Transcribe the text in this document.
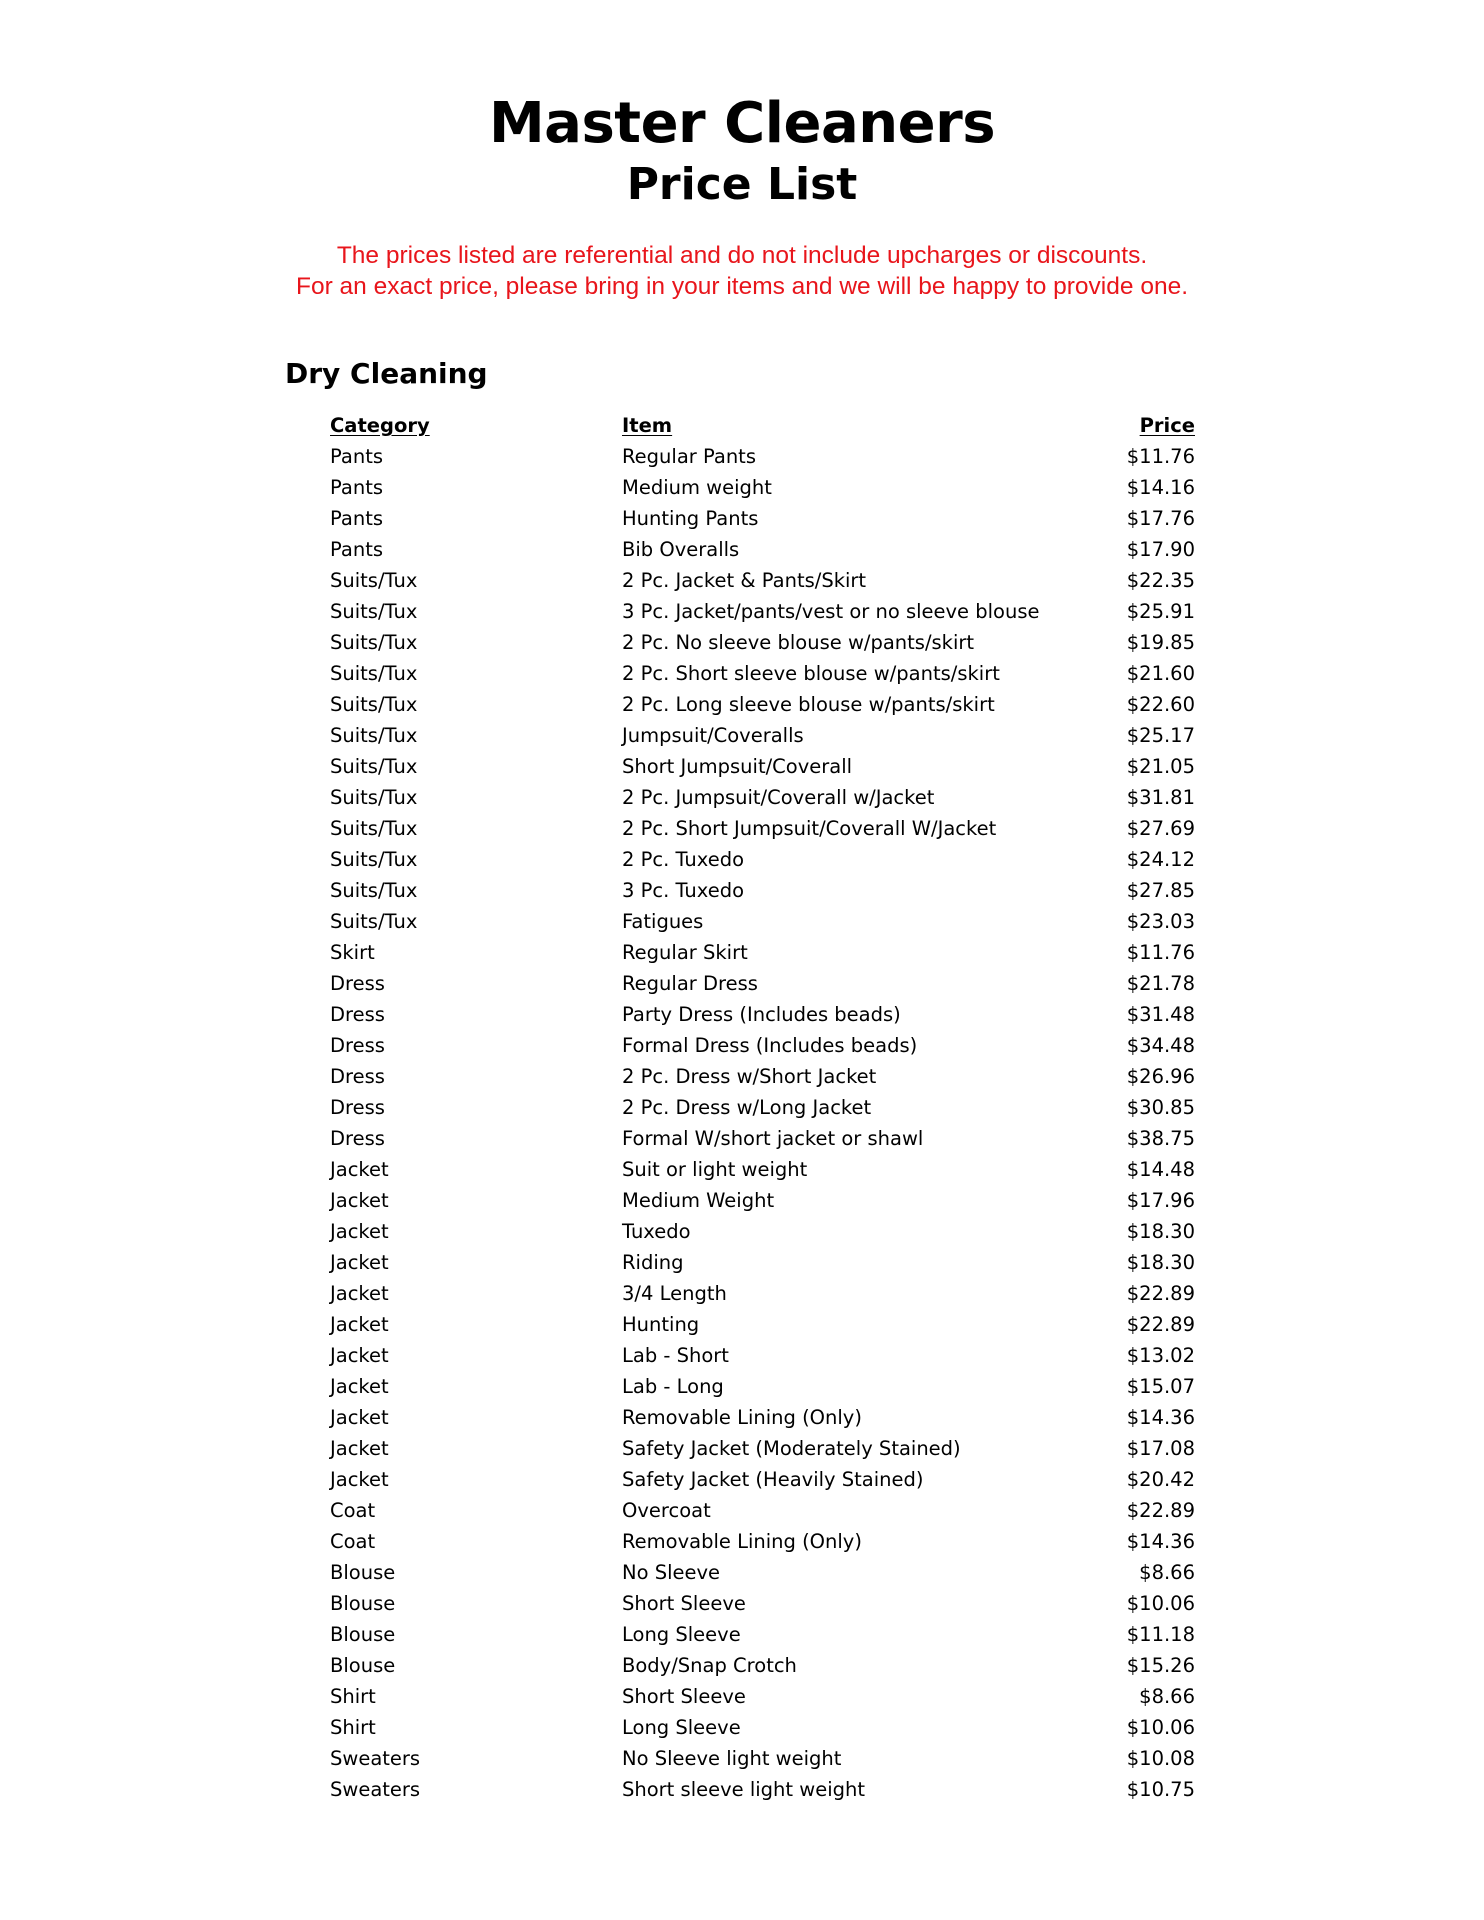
Master Cleaners
Price List
The prices listed are referential and do not include upcharges or discounts.
For an exact price, please bring in your items and we will be happy to provide one.
Dry Cleaning
Category	Item	Price
Pants	Regular Pants	$11.76
Pants	Medium weight	$14.16
Pants	Hunting Pants	$17.76
Pants	Bib Overalls	$17.90
Suits/Tux	2 Pc. Jacket & Pants/Skirt	$22.35
Suits/Tux	3 Pc. Jacket/pants/vest or no sleeve blouse	$25.91
Suits/Tux	2 Pc. No sleeve blouse w/pants/skirt	$19.85
Suits/Tux	2 Pc. Short sleeve blouse w/pants/skirt	$21.60
Suits/Tux	2 Pc. Long sleeve blouse w/pants/skirt	$22.60
Suits/Tux	Jumpsuit/Coveralls	$25.17
Suits/Tux	Short Jumpsuit/Coverall	$21.05
Suits/Tux	2 Pc. Jumpsuit/Coverall w/Jacket	$31.81
Suits/Tux	2 Pc. Short Jumpsuit/Coverall W/Jacket	$27.69
Suits/Tux	2 Pc. Tuxedo	$24.12
Suits/Tux	3 Pc. Tuxedo	$27.85
Suits/Tux	Fatigues	$23.03
Skirt	Regular Skirt	$11.76
Dress	Regular Dress	$21.78
Dress	Party Dress (Includes beads)	$31.48
Dress	Formal Dress (Includes beads)	$34.48
Dress	2 Pc. Dress w/Short Jacket	$26.96
Dress	2 Pc. Dress w/Long Jacket	$30.85
Dress	Formal W/short jacket or shawl	$38.75
Jacket	Suit or light weight	$14.48
Jacket	Medium Weight	$17.96
Jacket	Tuxedo	$18.30
Jacket	Riding	$18.30
Jacket	3/4 Length	$22.89
Jacket	Hunting	$22.89
Jacket	Lab - Short	$13.02
Jacket	Lab - Long	$15.07
Jacket	Removable Lining (Only)	$14.36
Jacket	Safety Jacket (Moderately Stained)	$17.08
Jacket	Safety Jacket (Heavily Stained)	$20.42
Coat	Overcoat	$22.89
Coat	Removable Lining (Only)	$14.36
Blouse	No Sleeve	$8.66
Blouse	Short Sleeve	$10.06
Blouse	Long Sleeve	$11.18
Blouse	Body/Snap Crotch	$15.26
Shirt	Short Sleeve	$8.66
Shirt	Long Sleeve	$10.06
Sweaters	No Sleeve light weight	$10.08
Sweaters	Short sleeve light weight	$10.75
